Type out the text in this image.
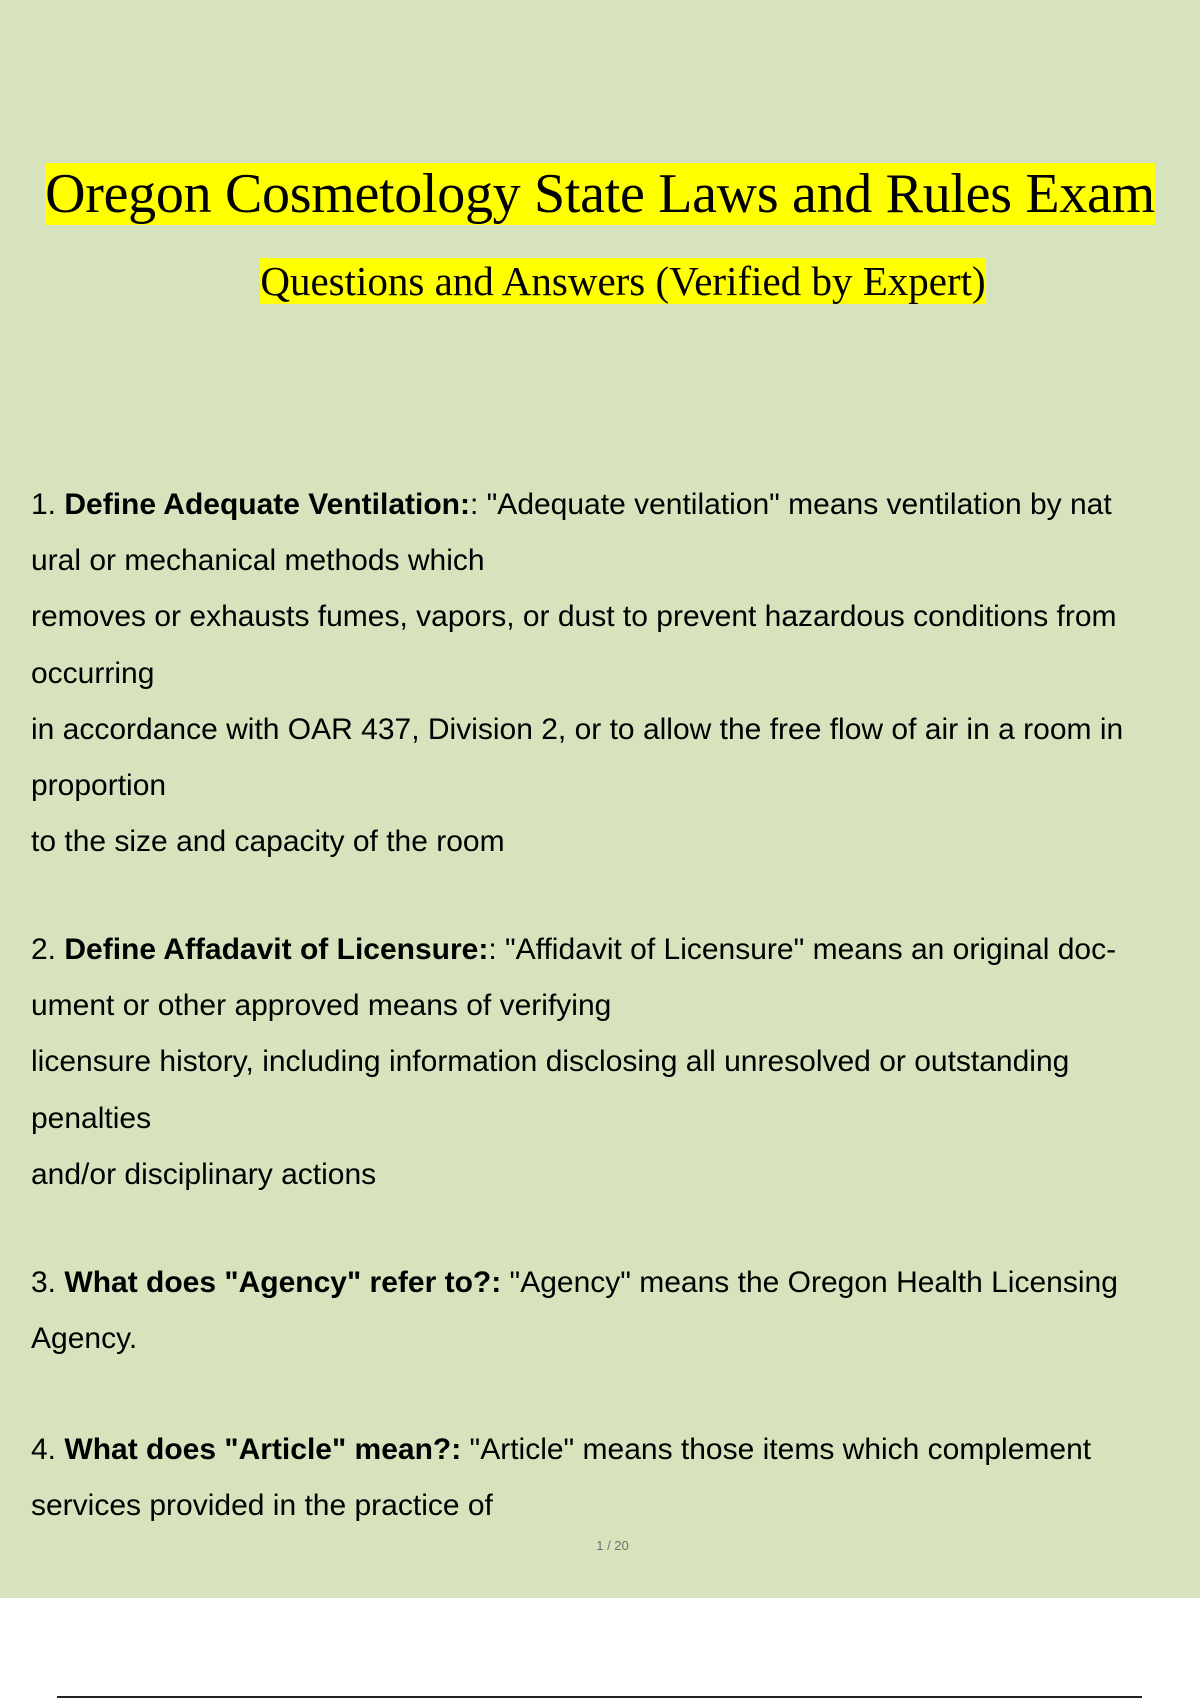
Oregon Cosmetology State Laws and Rules Exam
Questions and Answers (Verified by Expert)
1. Define Adequate Ventilation:: "Adequate ventilation" means ventilation by nat
ural or mechanical methods which
removes or exhausts fumes, vapors, or dust to prevent hazardous conditions from
occurring
in accordance with OAR 437, Division 2, or to allow the free flow of air in a room in
proportion
to the size and capacity of the room
2. Define Affadavit of Licensure:: "Affidavit of Licensure" means an original doc-
ument or other approved means of verifying
licensure history, including information disclosing all unresolved or outstanding
penalties
and/or disciplinary actions
3. What does "Agency" refer to?: "Agency" means the Oregon Health Licensing
Agency.
4. What does "Article" mean?: "Article" means those items which complement
services provided in the practice of
1 / 20
